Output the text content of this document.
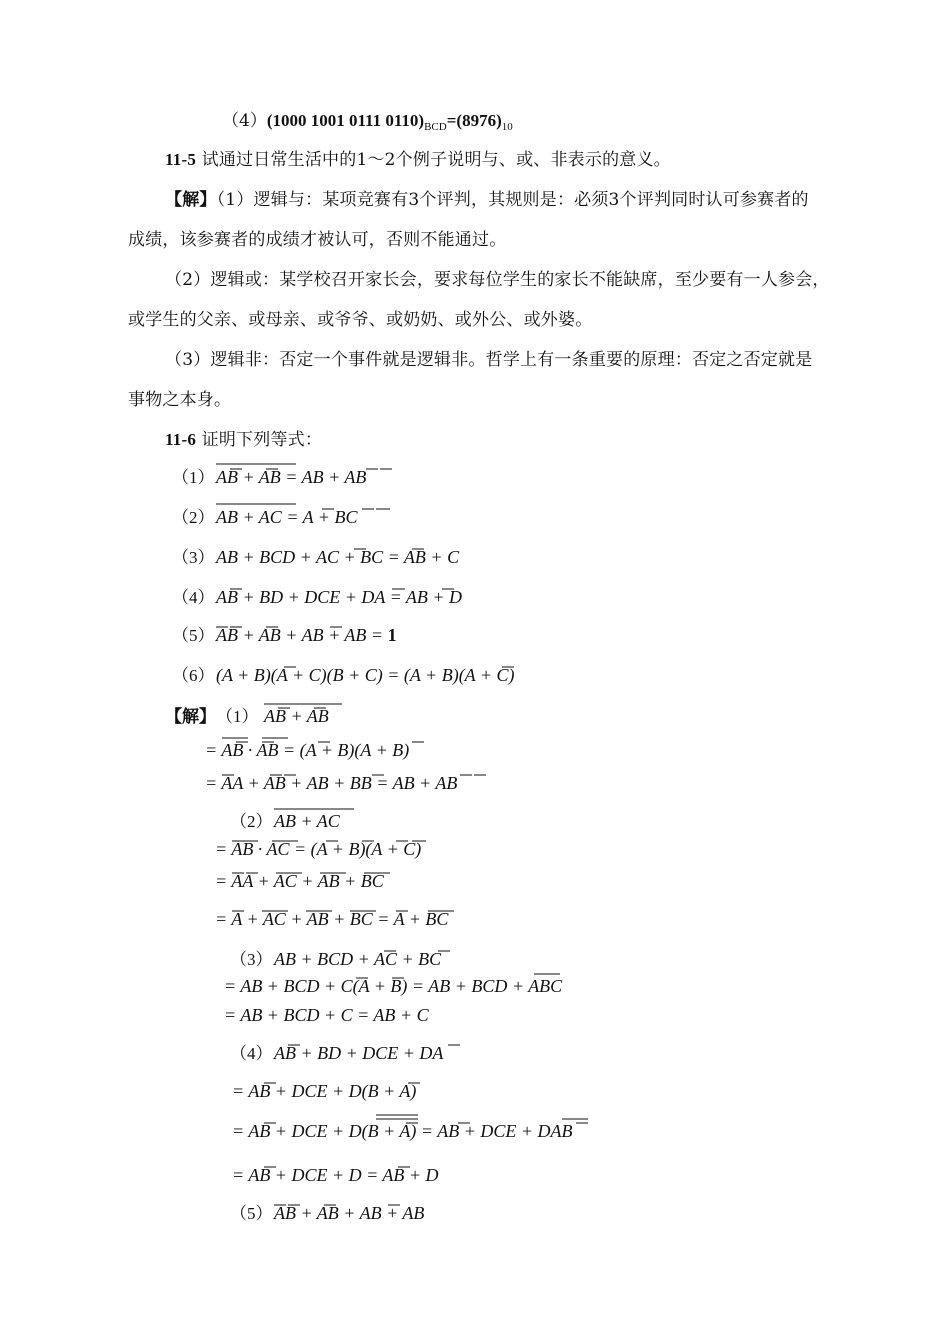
（4）(1000 1001 0111 $0110)_{BCD}=(8976)_{10}$
11-5 试通过日常生活中的1～2个例子说明与、或、非表示的意义。
【解】（1）逻辑与：某项竞赛有3个评判，其规则是：必须3个评判同时认可参赛者的
成绩，该参赛者的成绩才被认可，否则不能通过。
（2）逻辑或：某学校召开家长会，要求每位学生的家长不能缺席，至少要有一人参会，
或学生的父亲、或母亲、或爷爷、或奶奶、或外公、或外婆。
（3）逻辑非：否定一个事件就是逻辑非。哲学上有一条重要的原理：否定之否定就是
事物之本身。
11-6 证明下列等式：
（1）
（2）
（3）
（4）
（5）
（6）
AB + AB = AB + AB
AB + AC = A + BC
AB + BCD + AC + BC = AB + C
AB + BD + DCE + DA = AB + D
AB + AB + AB + AB = 1
(A + B)(A + C)(B + C) = (A + B)(A + C)
【解】 （1）
（2）
（3）
（4）
（5）
AB + AB
= AB · AB = (A + B)(A + B)
= AA + AB + AB + BB = AB + AB
AB + AC
= AB · AC = (A + B)(A + C)
= AA + AC + AB + BC
= A + AC + AB + BC = A + BC
AB + BCD + AC + BC
= AB + BCD + C(A + B) = AB + BCD + ABC
= AB + BCD + C = AB + C
AB + BD + DCE + DA
= AB + DCE + D(B + A)
= AB + DCE + D(B + A) = AB + DCE + DAB
= AB + DCE + D = AB + D
AB + AB + AB + AB
